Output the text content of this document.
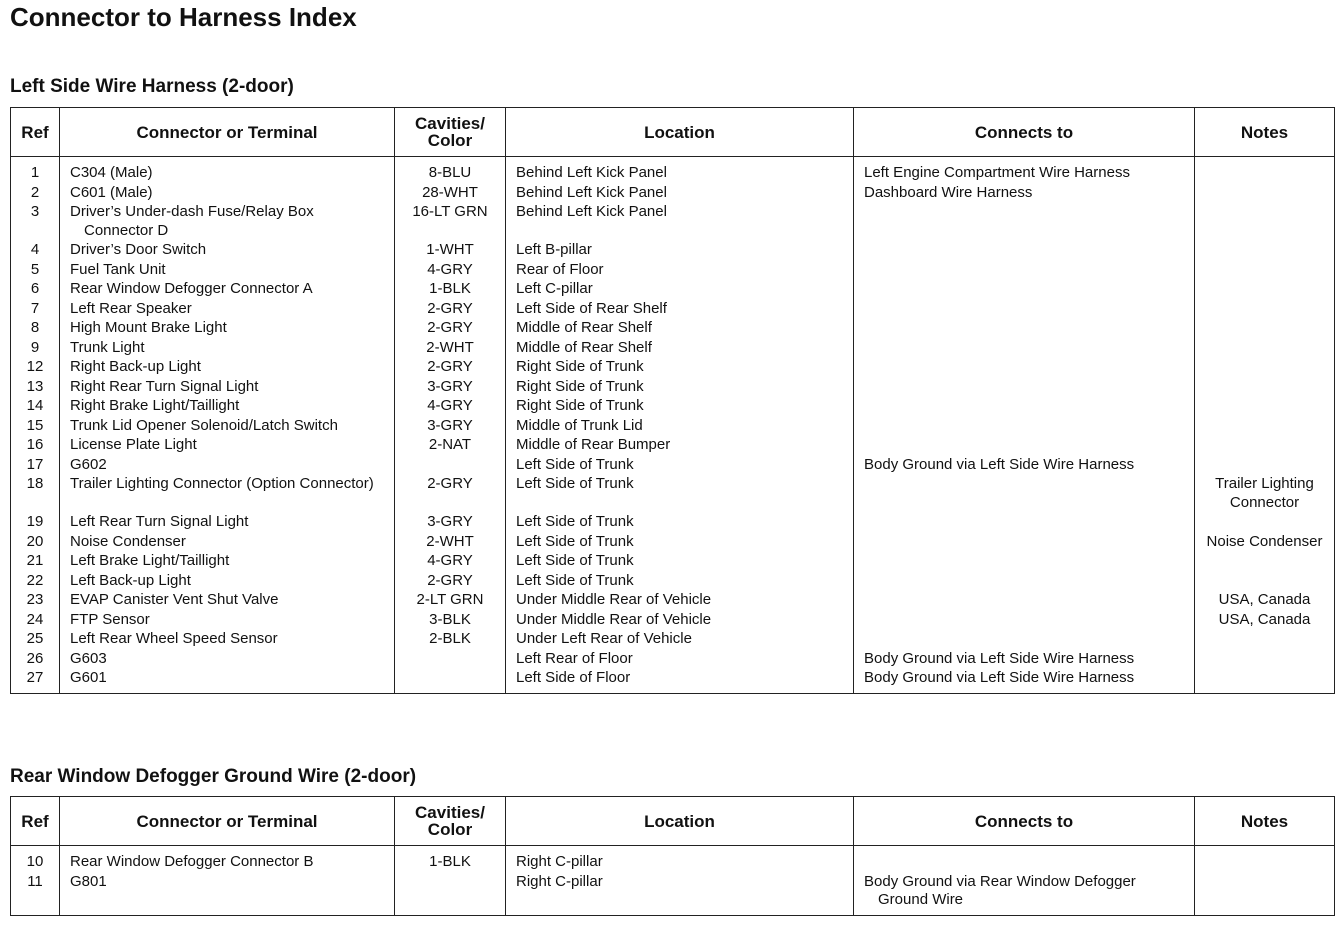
Connector to Harness Index
Left Side Wire Harness (2-door)
Ref	Connector or Terminal	Cavities/
Color	Location	Connects to	Notes

1	C304 (Male)	8-BLU	Behind Left Kick Panel	Left Engine Compartment Wire Harness	

2	C601 (Male)	28-WHT	Behind Left Kick Panel	Dashboard Wire Harness	

3	Driver’s Under-dash Fuse/Relay Box
Connector D	16-LT GRN	Behind Left Kick Panel		

4	Driver’s Door Switch	1-WHT	Left B-pillar		

5	Fuel Tank Unit	4-GRY	Rear of Floor		

6	Rear Window Defogger Connector A	1-BLK	Left C-pillar		

7	Left Rear Speaker	2-GRY	Left Side of Rear Shelf		

8	High Mount Brake Light	2-GRY	Middle of Rear Shelf		

9	Trunk Light	2-WHT	Middle of Rear Shelf		

12	Right Back-up Light	2-GRY	Right Side of Trunk		

13	Right Rear Turn Signal Light	3-GRY	Right Side of Trunk		

14	Right Brake Light/Taillight	4-GRY	Right Side of Trunk		

15	Trunk Lid Opener Solenoid/Latch Switch	3-GRY	Middle of Trunk Lid		

16	License Plate Light	2-NAT	Middle of Rear Bumper		

17	G602		Left Side of Trunk	Body Ground via Left Side Wire Harness	

18	Trailer Lighting Connector (Option Connector)	2-GRY	Left Side of Trunk		Trailer Lighting
Connector

19	Left Rear Turn Signal Light	3-GRY	Left Side of Trunk		

20	Noise Condenser	2-WHT	Left Side of Trunk		Noise Condenser

21	Left Brake Light/Taillight	4-GRY	Left Side of Trunk		

22	Left Back-up Light	2-GRY	Left Side of Trunk		

23	EVAP Canister Vent Shut Valve	2-LT GRN	Under Middle Rear of Vehicle		USA, Canada

24	FTP Sensor	3-BLK	Under Middle Rear of Vehicle		USA, Canada

25	Left Rear Wheel Speed Sensor	2-BLK	Under Left Rear of Vehicle		

26	G603		Left Rear of Floor	Body Ground via Left Side Wire Harness	

27	G601		Left Side of Floor	Body Ground via Left Side Wire Harness	

Rear Window Defogger Ground Wire (2-door)
Ref	Connector or Terminal	Cavities/
Color	Location	Connects to	Notes

10	Rear Window Defogger Connector B	1-BLK	Right C-pillar		

11	G801		Right C-pillar	Body Ground via Rear Window Defogger
Ground Wire	
